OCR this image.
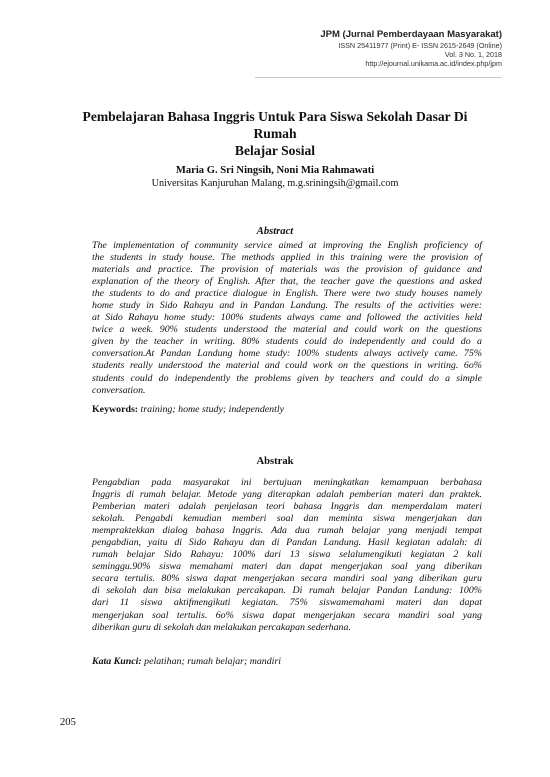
JPM (Jurnal Pemberdayaan Masyarakat)
ISSN 25411977 (Print) E- ISSN 2615-2649 (Online)
Vol. 3 No. 1, 2018
http://ejournal.unikama.ac.id/index.php/jpm
Pembelajaran Bahasa Inggris Untuk Para Siswa Sekolah Dasar Di Rumah
Belajar Sosial
Maria G. Sri Ningsih, Noni Mia Rahmawati
Universitas Kanjuruhan Malang, m.g.sriningsih@gmail.com
Abstract
The implementation of community service aimed at improving the English proficiency of
the students in study house. The methods applied in this training were the provision of
materials and practice. The provision of materials was the provision of guidance and
explanation of the theory of English. After that, the teacher gave the questions and asked
the students to do and practice dialogue in English. There were two study houses namely
home study in Sido Rahayu and in Pandan Landung. The results of the activities were:
at Sido Rahayu home study: 100% students always came and followed the activities held
twice a week. 90% students understood the material and could work on the questions
given by the teacher in writing. 80% students could do independently and could do a
conversation.At Pandan Landung home study: 100% students always actively came. 75%
students really understood the material and could work on the questions in writing. 6o%
students could do independently the problems given by teachers and could do a simple
conversation.
Keywords: training; home study; independently
Abstrak
Pengabdian pada masyarakat ini bertujuan meningkatkan kemampuan berbahasa
Inggris di rumah belajar. Metode yang diterapkan adalah pemberian materi dan praktek.
Pemberian materi adalah penjelasan teori bahasa Inggris dan memperdalam materi
sekolah. Pengabdi kemudian memberi soal dan meminta siswa mengerjakan dan
mempraktekkan dialog bahasa Inggris. Ada dua rumah belajar yang menjadi tempat
pengabdian, yaitu di Sido Rahayu dan di Pandan Landung. Hasil kegiatan adalah: di
rumah belajar Sido Rahayu: 100% dari 13 siswa selalumengikuti kegiatan 2 kali
seminggu.90% siswa memahami materi dan dapat mengerjakan soal yang diberikan
secara tertulis. 80% siswa dapat mengerjakan secara mandiri soal yang diberikan guru
di sekolah dan bisa melakukan percakapan. Di rumah belajar Pandan Landung: 100%
dari 11 siswa aktifmengikuti kegiatan. 75% siswamemahami materi dan dapat
mengerjakan soal tertulis. 6o% siswa dapat mengerjakan secara mandiri soal yang
diberikan guru di sekolah dan melakukan percakapan sederhana.
Kata Kunci: pelatihan; rumah belajar; mandiri
205
